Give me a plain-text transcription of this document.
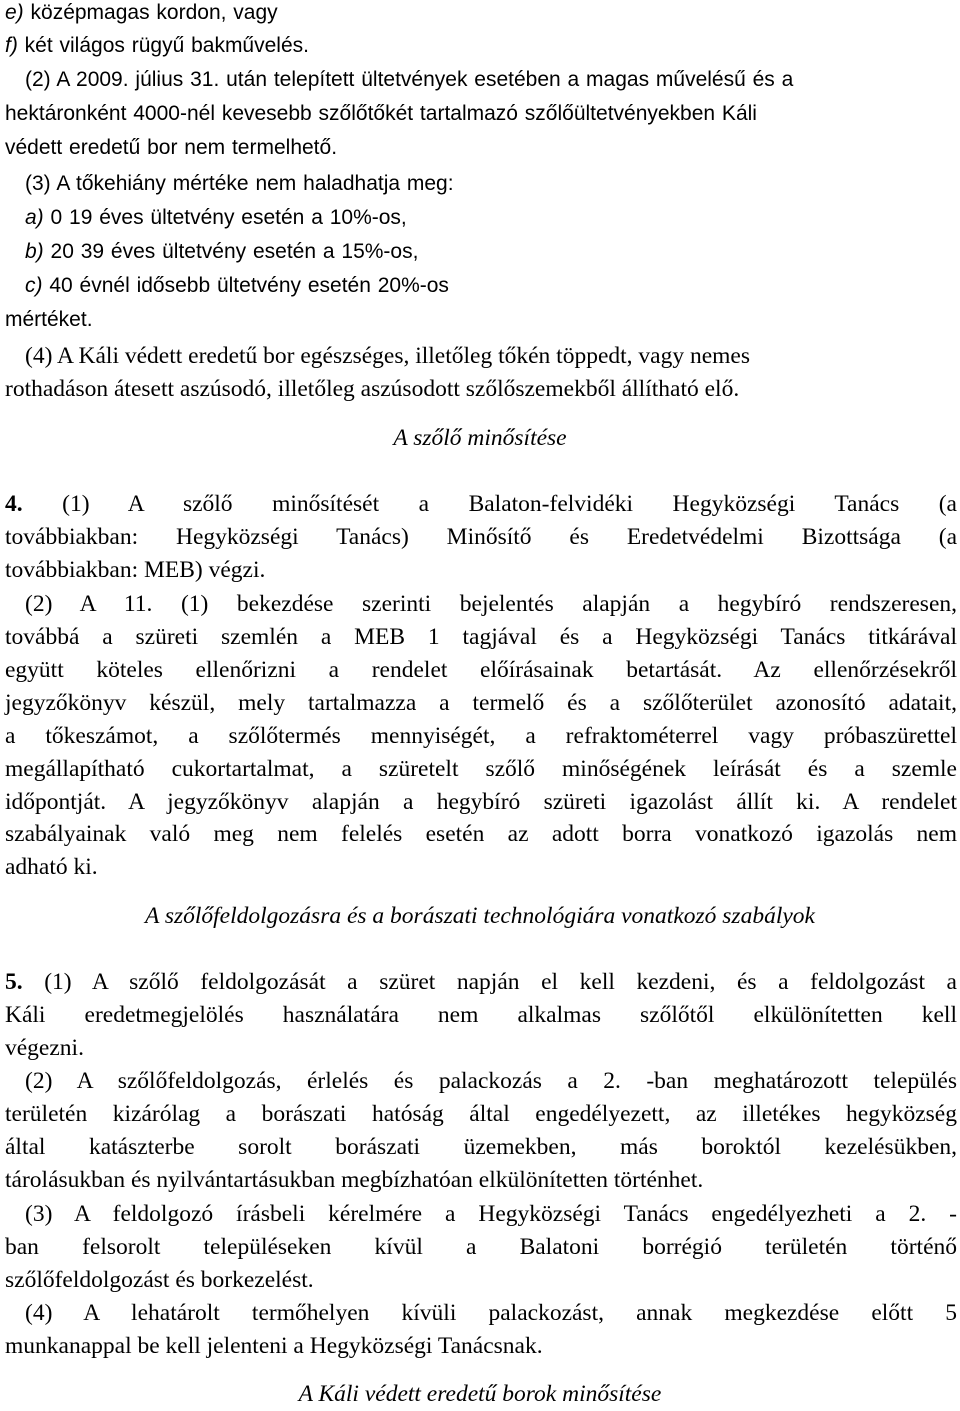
e) középmagas kordon, vagy
f) két világos rügyű bakművelés.
(2) A 2009. július 31. után telepített ültetvények esetében a magas művelésű és a
hektáronként 4000-nél kevesebb szőlőtőkét tartalmazó szőlőültetvényekben Káli
védett eredetű bor nem termelhető.
(3) A tőkehiány mértéke nem haladhatja meg:
a) 0 19 éves ültetvény esetén a 10%-os,
b) 20 39 éves ültetvény esetén a 15%-os,
c) 40 évnél idősebb ültetvény esetén 20%-os
mértéket.
(4) A Káli védett eredetű bor egészséges, illetőleg tőkén töppedt, vagy nemes
rothadáson átesett aszúsodó, illetőleg aszúsodott szőlőszemekből állítható elő.
A szőlő minősítése
4. (1) A szőlő minősítését a Balaton-felvidéki Hegyközségi Tanács (a
továbbiakban: Hegyközségi Tanács) Minősítő és Eredetvédelmi Bizottsága (a
továbbiakban: MEB) végzi.
(2) A 11. (1) bekezdése szerinti bejelentés alapján a hegybíró rendszeresen,
továbbá a szüreti szemlén a MEB 1 tagjával és a Hegyközségi Tanács titkárával
együtt köteles ellenőrizni a rendelet előírásainak betartását. Az ellenőrzésekről
jegyzőkönyv készül, mely tartalmazza a termelő és a szőlőterület azonosító adatait,
a tőkeszámot, a szőlőtermés mennyiségét, a refraktométerrel vagy próbaszürettel
megállapítható cukortartalmat, a szüretelt szőlő minőségének leírását és a szemle
időpontját. A jegyzőkönyv alapján a hegybíró szüreti igazolást állít ki. A rendelet
szabályainak való meg nem felelés esetén az adott borra vonatkozó igazolás nem
adható ki.
A szőlőfeldolgozásra és a borászati technológiára vonatkozó szabályok
5. (1) A szőlő feldolgozását a szüret napján el kell kezdeni, és a feldolgozást a
Káli eredetmegjelölés használatára nem alkalmas szőlőtől elkülönítetten kell
végezni.
(2) A szőlőfeldolgozás, érlelés és palackozás a 2. -ban meghatározott település
területén kizárólag a borászati hatóság által engedélyezett, az illetékes hegyközség
által katászterbe sorolt borászati üzemekben, más boroktól kezelésükben,
tárolásukban és nyilvántartásukban megbízhatóan elkülönítetten történhet.
(3) A feldolgozó írásbeli kérelmére a Hegyközségi Tanács engedélyezheti a 2. -
ban felsorolt településeken kívül a Balatoni borrégió területén történő
szőlőfeldolgozást és borkezelést.
(4) A lehatárolt termőhelyen kívüli palackozást, annak megkezdése előtt 5
munkanappal be kell jelenteni a Hegyközségi Tanácsnak.
A Káli védett eredetű borok minősítése
